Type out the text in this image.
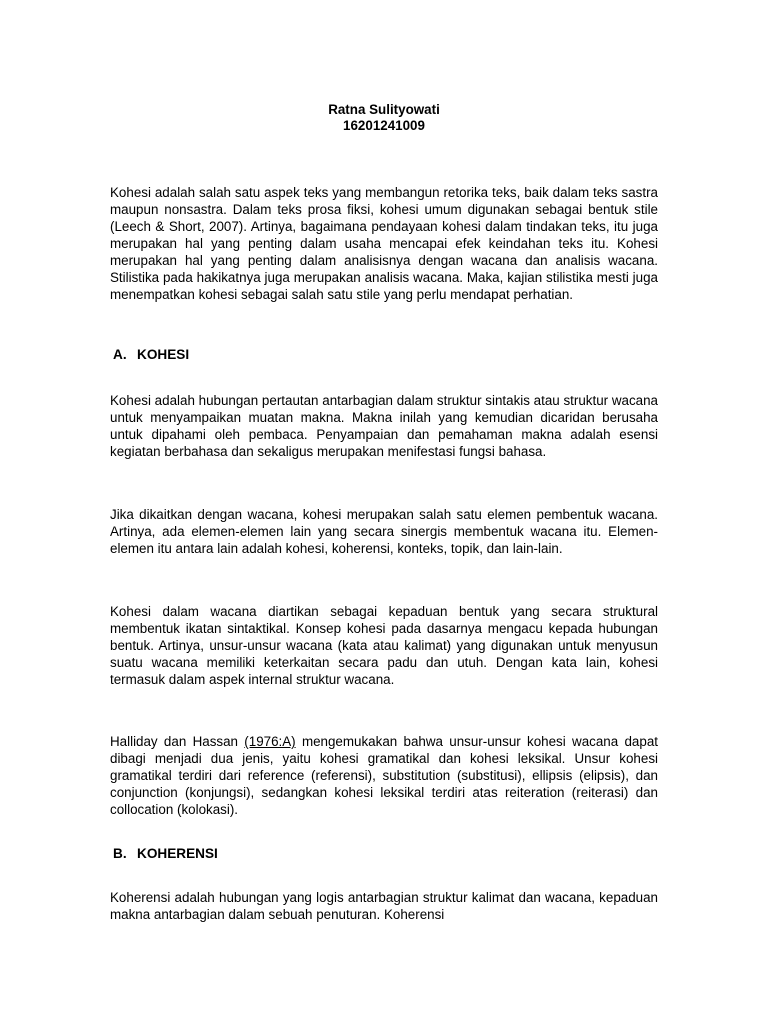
Ratna Sulityowati
16201241009

Kohesi adalah salah satu aspek teks yang membangun retorika teks, baik dalam teks sastra maupun nonsastra. Dalam teks prosa fiksi, kohesi umum digunakan sebagai bentuk stile (Leech & Short, 2007). Artinya, bagaimana pendayaan kohesi dalam tindakan teks, itu juga merupakan hal yang penting dalam usaha mencapai efek keindahan teks itu. Kohesi merupakan hal yang penting dalam analisisnya dengan wacana dan analisis wacana. Stilistika pada hakikatnya juga merupakan analisis wacana. Maka, kajian stilistika mesti juga menempatkan kohesi sebagai salah satu stile yang perlu mendapat perhatian.

A. KOHESI

Kohesi adalah hubungan pertautan antarbagian dalam struktur sintakis atau struktur wacana untuk menyampaikan muatan makna. Makna inilah yang kemudian dicaridan berusaha untuk dipahami oleh pembaca. Penyampaian dan pemahaman makna adalah esensi kegiatan berbahasa dan sekaligus merupakan menifestasi fungsi bahasa.

Jika dikaitkan dengan wacana, kohesi merupakan salah satu elemen pembentuk wacana. Artinya, ada elemen-elemen lain yang secara sinergis membentuk wacana itu. Elemen-elemen itu antara lain adalah kohesi, koherensi, konteks, topik, dan lain-lain.

Kohesi dalam wacana diartikan sebagai kepaduan bentuk yang secara struktural membentuk ikatan sintaktikal. Konsep kohesi pada dasarnya mengacu kepada hubungan bentuk. Artinya, unsur-unsur wacana (kata atau kalimat) yang digunakan untuk menyusun suatu wacana memiliki keterkaitan secara padu dan utuh. Dengan kata lain, kohesi termasuk dalam aspek internal struktur wacana.

Halliday dan Hassan (1976:A) mengemukakan bahwa unsur-unsur kohesi wacana dapat dibagi menjadi dua jenis, yaitu kohesi gramatikal dan kohesi leksikal. Unsur kohesi gramatikal terdiri dari reference (referensi), substitution (substitusi), ellipsis (elipsis), dan conjunction (konjungsi), sedangkan kohesi leksikal terdiri atas reiteration (reiterasi) dan collocation (kolokasi).

B. KOHERENSI

Koherensi adalah hubungan yang logis antarbagian struktur kalimat dan wacana, kepaduan makna antarbagian dalam sebuah penuturan. Koherensi
